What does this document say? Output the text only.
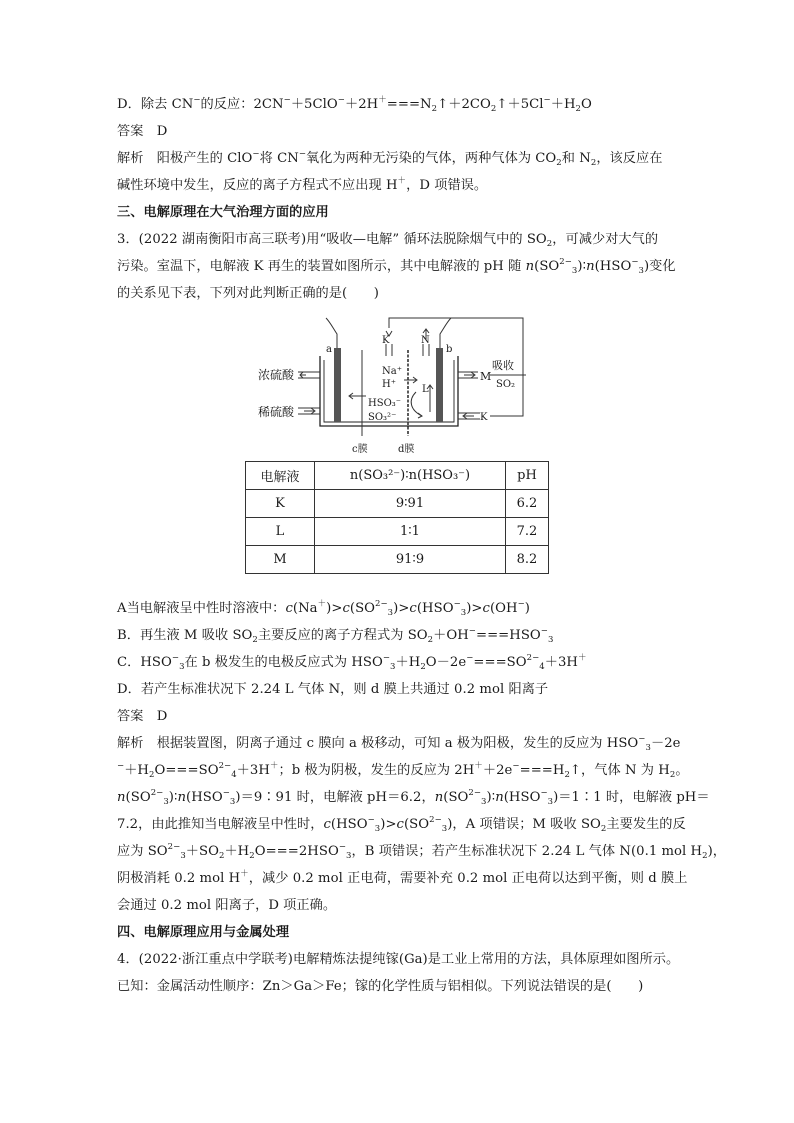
D．除去 CN−的反应：$2CN^-+5ClO^-+2H^+===N_2↑+2CO_2↑+5Cl^-+H_2O$
答案　D
解析　阳极产生的 ClO−将 CN−氧化为两种无污染的气体，两种气体为 $CO_2$和 $N_2$，该反应在
碱性环境中发生，反应的离子方程式不应出现 H＋，D 项错误。
三、电解原理在大气治理方面的应用
3．(2022 湖南衡阳市高三联考)用“吸收—电解” 循环法脱除烟气中的 $SO_2$，可减少对大气的
污染。室温下，电解液 K 再生的装置如图所示，其中电解液的 pH 随 $n(SO^{2-}_3)∶n(HSO^-_3)$变化
的关系见下表，下列对此判断正确的是(　　)
A当电解液呈中性时溶液中：$c(Na^+)>c(SO^{2-}_3)>c(HSO^-_3)>c(OH^-)$
B．再生液 M 吸收 $SO_2$主要反应的离子方程式为 $SO_2+OH^-===HSO^-_3$
C．$HSO^-_3$在 b 极发生的电极反应式为 $HSO^-_3+H_2O-2e^-===SO^{2-}_4+3H^+$
D．若产生标准状况下 2.24 L 气体 N，则 d 膜上共通过 0.2 mol 阳离子
答案　D
解析　根据装置图，阴离子通过 c 膜向 a 极移动，可知 a 极为阳极，发生的反应为 $HSO^-_3-2e$
$^-+H_2O===SO^{2-}_4+3H^+$；b 极为阴极，发生的反应为 $2H^++2e^-===H_2↑$，气体 N 为 $H_2$。
$n(SO^{2-}_3)∶n(HSO^-_3)=9∶91$ 时，电解液 pH＝6.2，$n(SO^{2-}_3)∶n(HSO^-_3)=1∶1$ 时，电解液 pH＝
7.2，由此推知当电解液呈中性时，$c(HSO^-_3)>c(SO^{2-}_3)$，A 项错误；M 吸收 $SO_2$主要发生的反
应为 $SO^{2-}_3+SO_2+H_2O===2HSO^-_3$，B 项错误；若产生标准状况下 2.24 L 气体 N(0.1 mol $H_2$)，
阴极消耗 0.2 mol H＋，减少 0.2 mol 正电荷，需要补充 0.2 mol 正电荷以达到平衡，则 d 膜上
会通过 0.2 mol 阳离子，D 项正确。
四、电解原理应用与金属处理
4．(2022·浙江重点中学联考)电解精炼法提纯镓(Ga)是工业上常用的方法，具体原理如图所示。
已知：金属活动性顺序：Zn＞Ga＞Fe；镓的化学性质与铝相似。下列说法错误的是(　　)
a	b
c膜	d膜
K	N
浓硫酸
稀硫酸
M
吸收
SO₂
K
Na⁺
H⁺	L
HSO₃⁻
SO₃²⁻
电解液	n(SO₃²⁻)∶n(HSO₃⁻)	pH
K	9∶91	6.2
L	1∶1	7.2
M	91∶9	8.2
